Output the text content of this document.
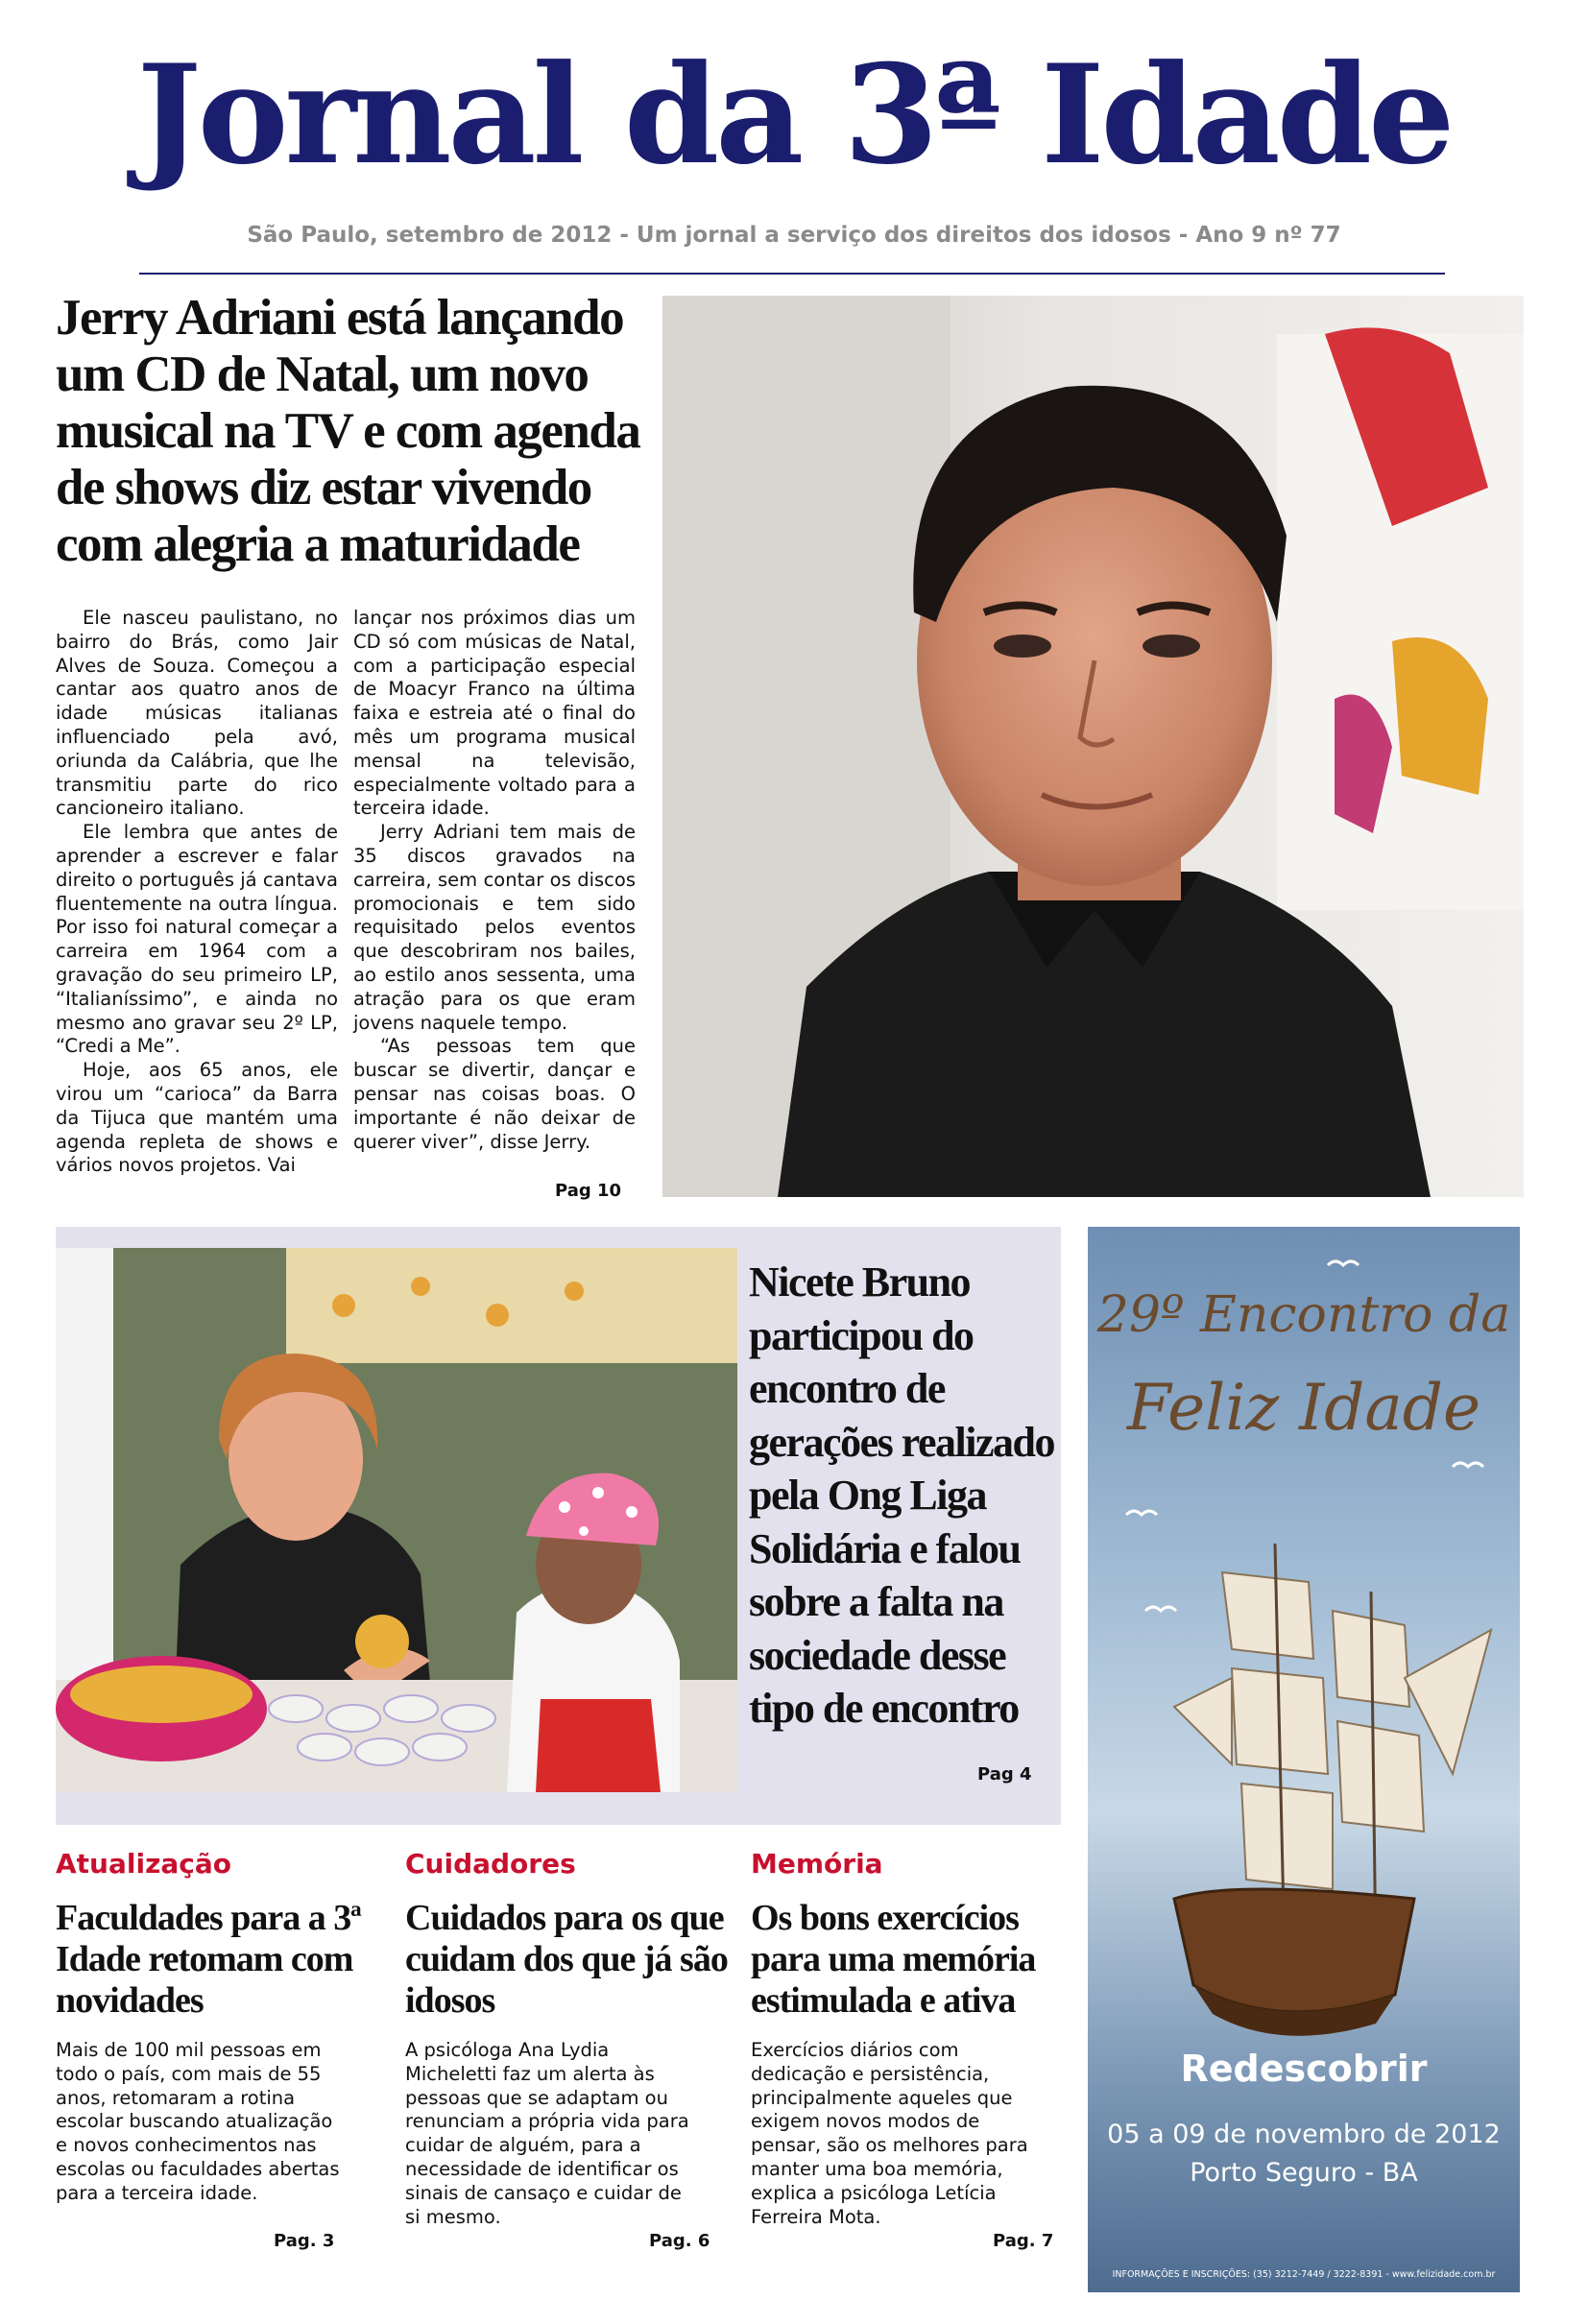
Jornal da 3ª Idade
São Paulo, setembro de 2012 - Um jornal a serviço dos direitos dos idosos - Ano 9 nº 77
Jerry Adriani está lançando um CD de Natal, um novo musical na TV e com agenda de shows diz estar vivendo com alegria a maturidade

Ele nasceu paulistano, no bairro do Brás, como Jair Alves de Souza. Começou a cantar aos quatro anos de idade músicas italianas influenciado pela avó, oriunda da Calábria, que lhe transmitiu parte do rico cancioneiro italiano.

Ele lembra que antes de aprender a escrever e falar direito o português já cantava fluentemente na outra língua. Por isso foi natural começar a carreira em 1964 com a gravação do seu primeiro LP, “Italianíssimo”, e ainda no mesmo ano gravar seu 2º LP, “Credi a Me”.

Hoje, aos 65 anos, ele virou um “carioca” da Barra da Tijuca que mantém uma agenda repleta de shows e vários novos projetos. Vai

lançar nos próximos dias um CD só com músicas de Natal, com a participação especial de Moacyr Franco na última faixa e estreia até o final do mês um programa musical mensal na televisão, especialmente voltado para a terceira idade.

Jerry Adriani tem mais de 35 discos gravados na carreira, sem contar os discos promocionais e tem sido requisitado pelos eventos que descobriram nos bailes, ao estilo anos sessenta, uma atração para os que eram jovens naquele tempo.

“As pessoas tem que buscar se divertir, dançar e pensar nas coisas boas. O importante é não deixar de querer viver”, disse Jerry.

Pag 10
Nicete Bruno participou do encontro de gerações realizado pela Ong Liga Solidária e falou sobre a falta na sociedade desse tipo de encontro
Pag 4
29º Encontro da
Feliz Idade
Redescobrir
05 a 09 de novembro de 2012
Porto Seguro - BA
INFORMAÇÕES E INSCRIÇÕES: (35) 3212-7449 / 3222-8391 - www.felizidade.com.br
Atualização
Faculdades para a 3ª Idade retomam com novidades
Mais de 100 mil pessoas em todo o país, com mais de 55 anos, retomaram a rotina escolar buscando atualização e novos conhecimentos nas escolas ou faculdades abertas para a terceira idade.
Pag. 3
Cuidadores
Cuidados para os que cuidam dos que já são idosos
A psicóloga Ana Lydia Micheletti faz um alerta às pessoas que se adaptam ou renunciam a própria vida para cuidar de alguém, para a necessidade de identificar os sinais de cansaço e cuidar de si mesmo.
Pag. 6
Memória
Os bons exercícios para uma memória estimulada e ativa
Exercícios diários com dedicação e persistência, principalmente aqueles que exigem novos modos de pensar, são os melhores para manter uma boa memória, explica a psicóloga Letícia Ferreira Mota.
Pag. 7
